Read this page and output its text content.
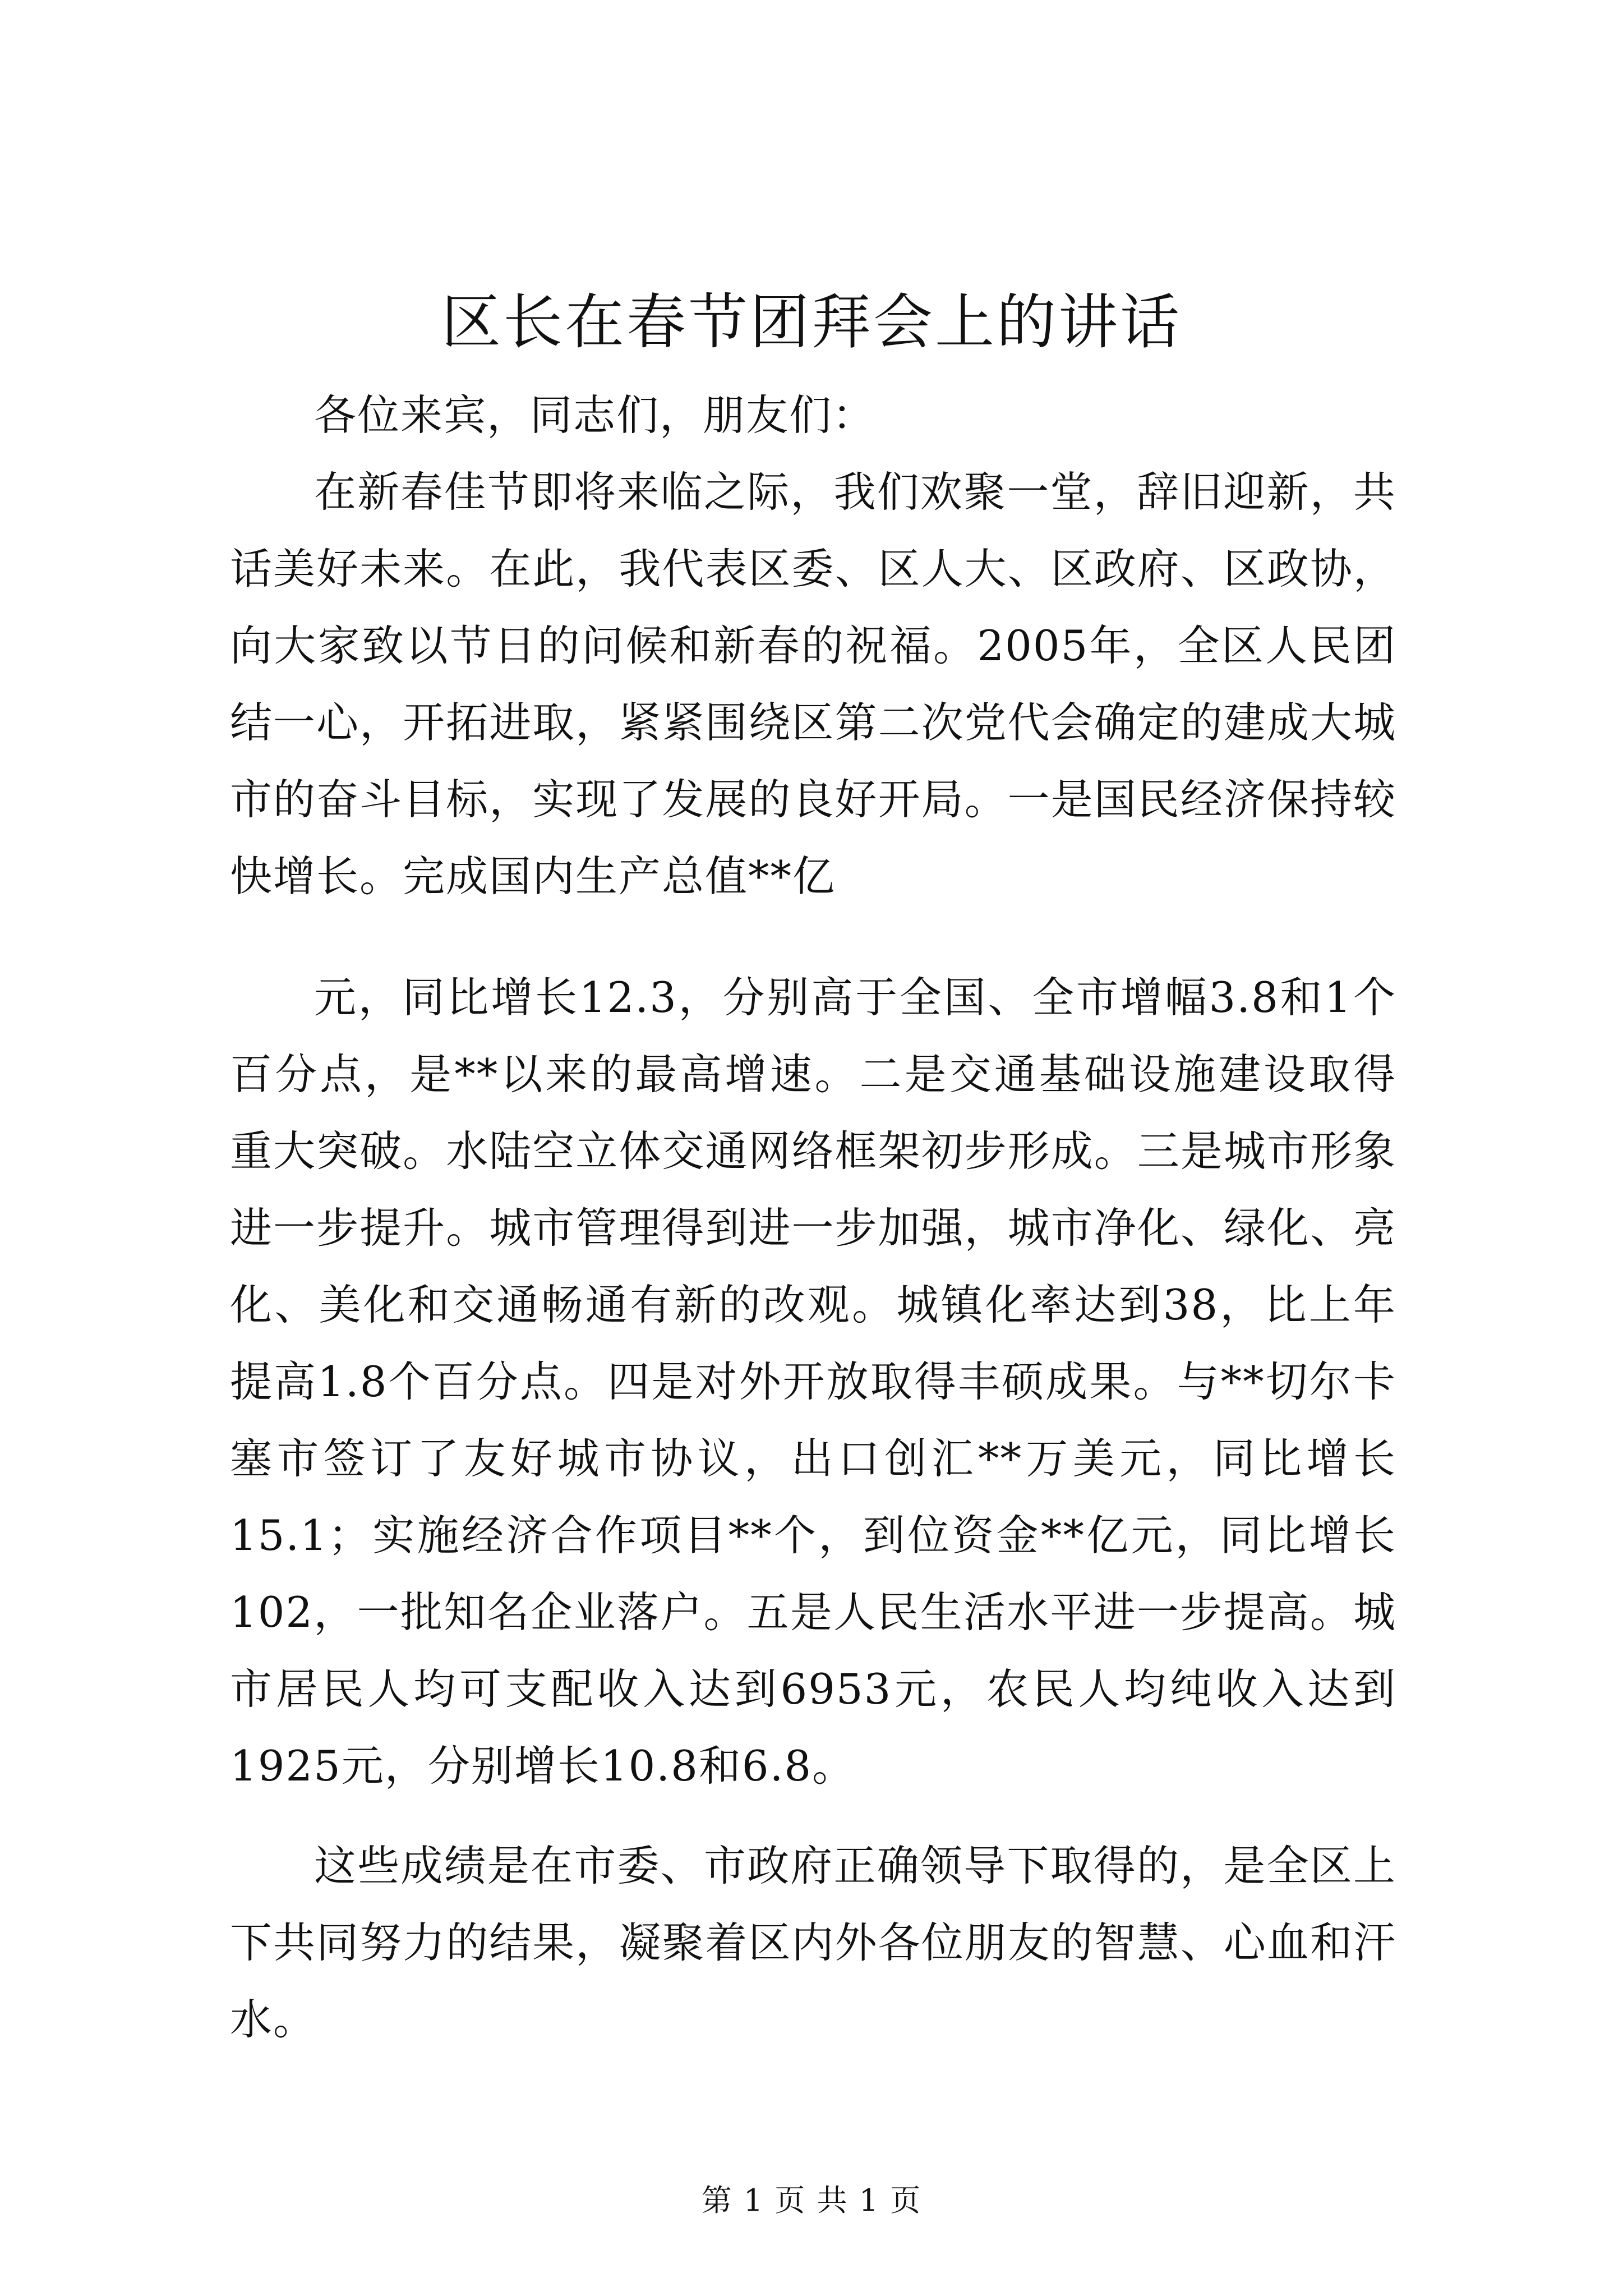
区长在春节团拜会上的讲话

各位来宾，同志们，朋友们：

在新春佳节即将来临之际，我们欢聚一堂，辞旧迎新，共话美好未来。在此，我代表区委、区人大、区政府、区政协，向大家致以节日的问候和新春的祝福。2005年，全区人民团结一心，开拓进取，紧紧围绕区第二次党代会确定的建成大城市的奋斗目标，实现了发展的良好开局。一是国民经济保持较快增长。完成国内生产总值**亿

元，同比增长12.3，分别高于全国、全市增幅3.8和1个百分点，是**以来的最高增速。二是交通基础设施建设取得重大突破。水陆空立体交通网络框架初步形成。三是城市形象进一步提升。城市管理得到进一步加强，城市净化、绿化、亮化、美化和交通畅通有新的改观。城镇化率达到38，比上年提高1.8个百分点。四是对外开放取得丰硕成果。与**切尔卡塞市签订了友好城市协议，出口创汇**万美元，同比增长15.1；实施经济合作项目**个，到位资金**亿元，同比增长102，一批知名企业落户。五是人民生活水平进一步提高。城市居民人均可支配收入达到6953元，农民人均纯收入达到1925元，分别增长10.8和6.8。

这些成绩是在市委、市政府正确领导下取得的，是全区上下共同努力的结果，凝聚着区内外各位朋友的智慧、心血和汗水。

第 1 页 共 1 页
